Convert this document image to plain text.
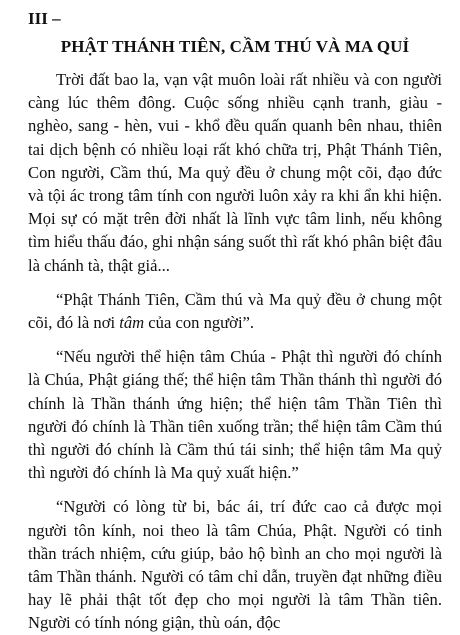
III –
PHẬT THÁNH TIÊN, CẦM THÚ VÀ MA QUỈ

Trời đất bao la, vạn vật muôn loài rất nhiều và con người càng lúc thêm đông. Cuộc sống nhiều cạnh tranh, giàu - nghèo, sang - hèn, vui - khổ đều quấn quanh bên nhau, thiên tai dịch bệnh có nhiều loại rất khó chữa trị, Phật Thánh Tiên, Con người, Cầm thú, Ma quỷ đều ở chung một cõi, đạo đức và tội ác trong tâm tính con người luôn xảy ra khi ẩn khi hiện. Mọi sự có mặt trên đời nhất là lĩnh vực tâm linh, nếu không tìm hiểu thấu đáo, ghi nhận sáng suốt thì rất khó phân biệt đâu là chánh tà, thật giả...

“Phật Thánh Tiên, Cầm thú và Ma quỷ đều ở chung một cõi, đó là nơi tâm của con người”.

“Nếu người thể hiện tâm Chúa - Phật thì người đó chính là Chúa, Phật giáng thế; thể hiện tâm Thần thánh thì người đó chính là Thần thánh ứng hiện; thể hiện tâm Thần Tiên thì người đó chính là Thần tiên xuống trần; thể hiện tâm Cầm thú thì người đó chính là Cầm thú tái sinh; thể hiện tâm Ma quỷ thì người đó chính là Ma quỷ xuất hiện.”

“Người có lòng từ bi, bác ái, trí đức cao cả được mọi người tôn kính, noi theo là tâm Chúa, Phật. Người có tinh thần trách nhiệm, cứu giúp, bảo hộ bình an cho mọi người là tâm Thần thánh. Người có tâm chỉ dẫn, truyền đạt những điều hay lẽ phải thật tốt đẹp cho mọi người là tâm Thần tiên. Người có tính nóng giận, thù oán, độc
